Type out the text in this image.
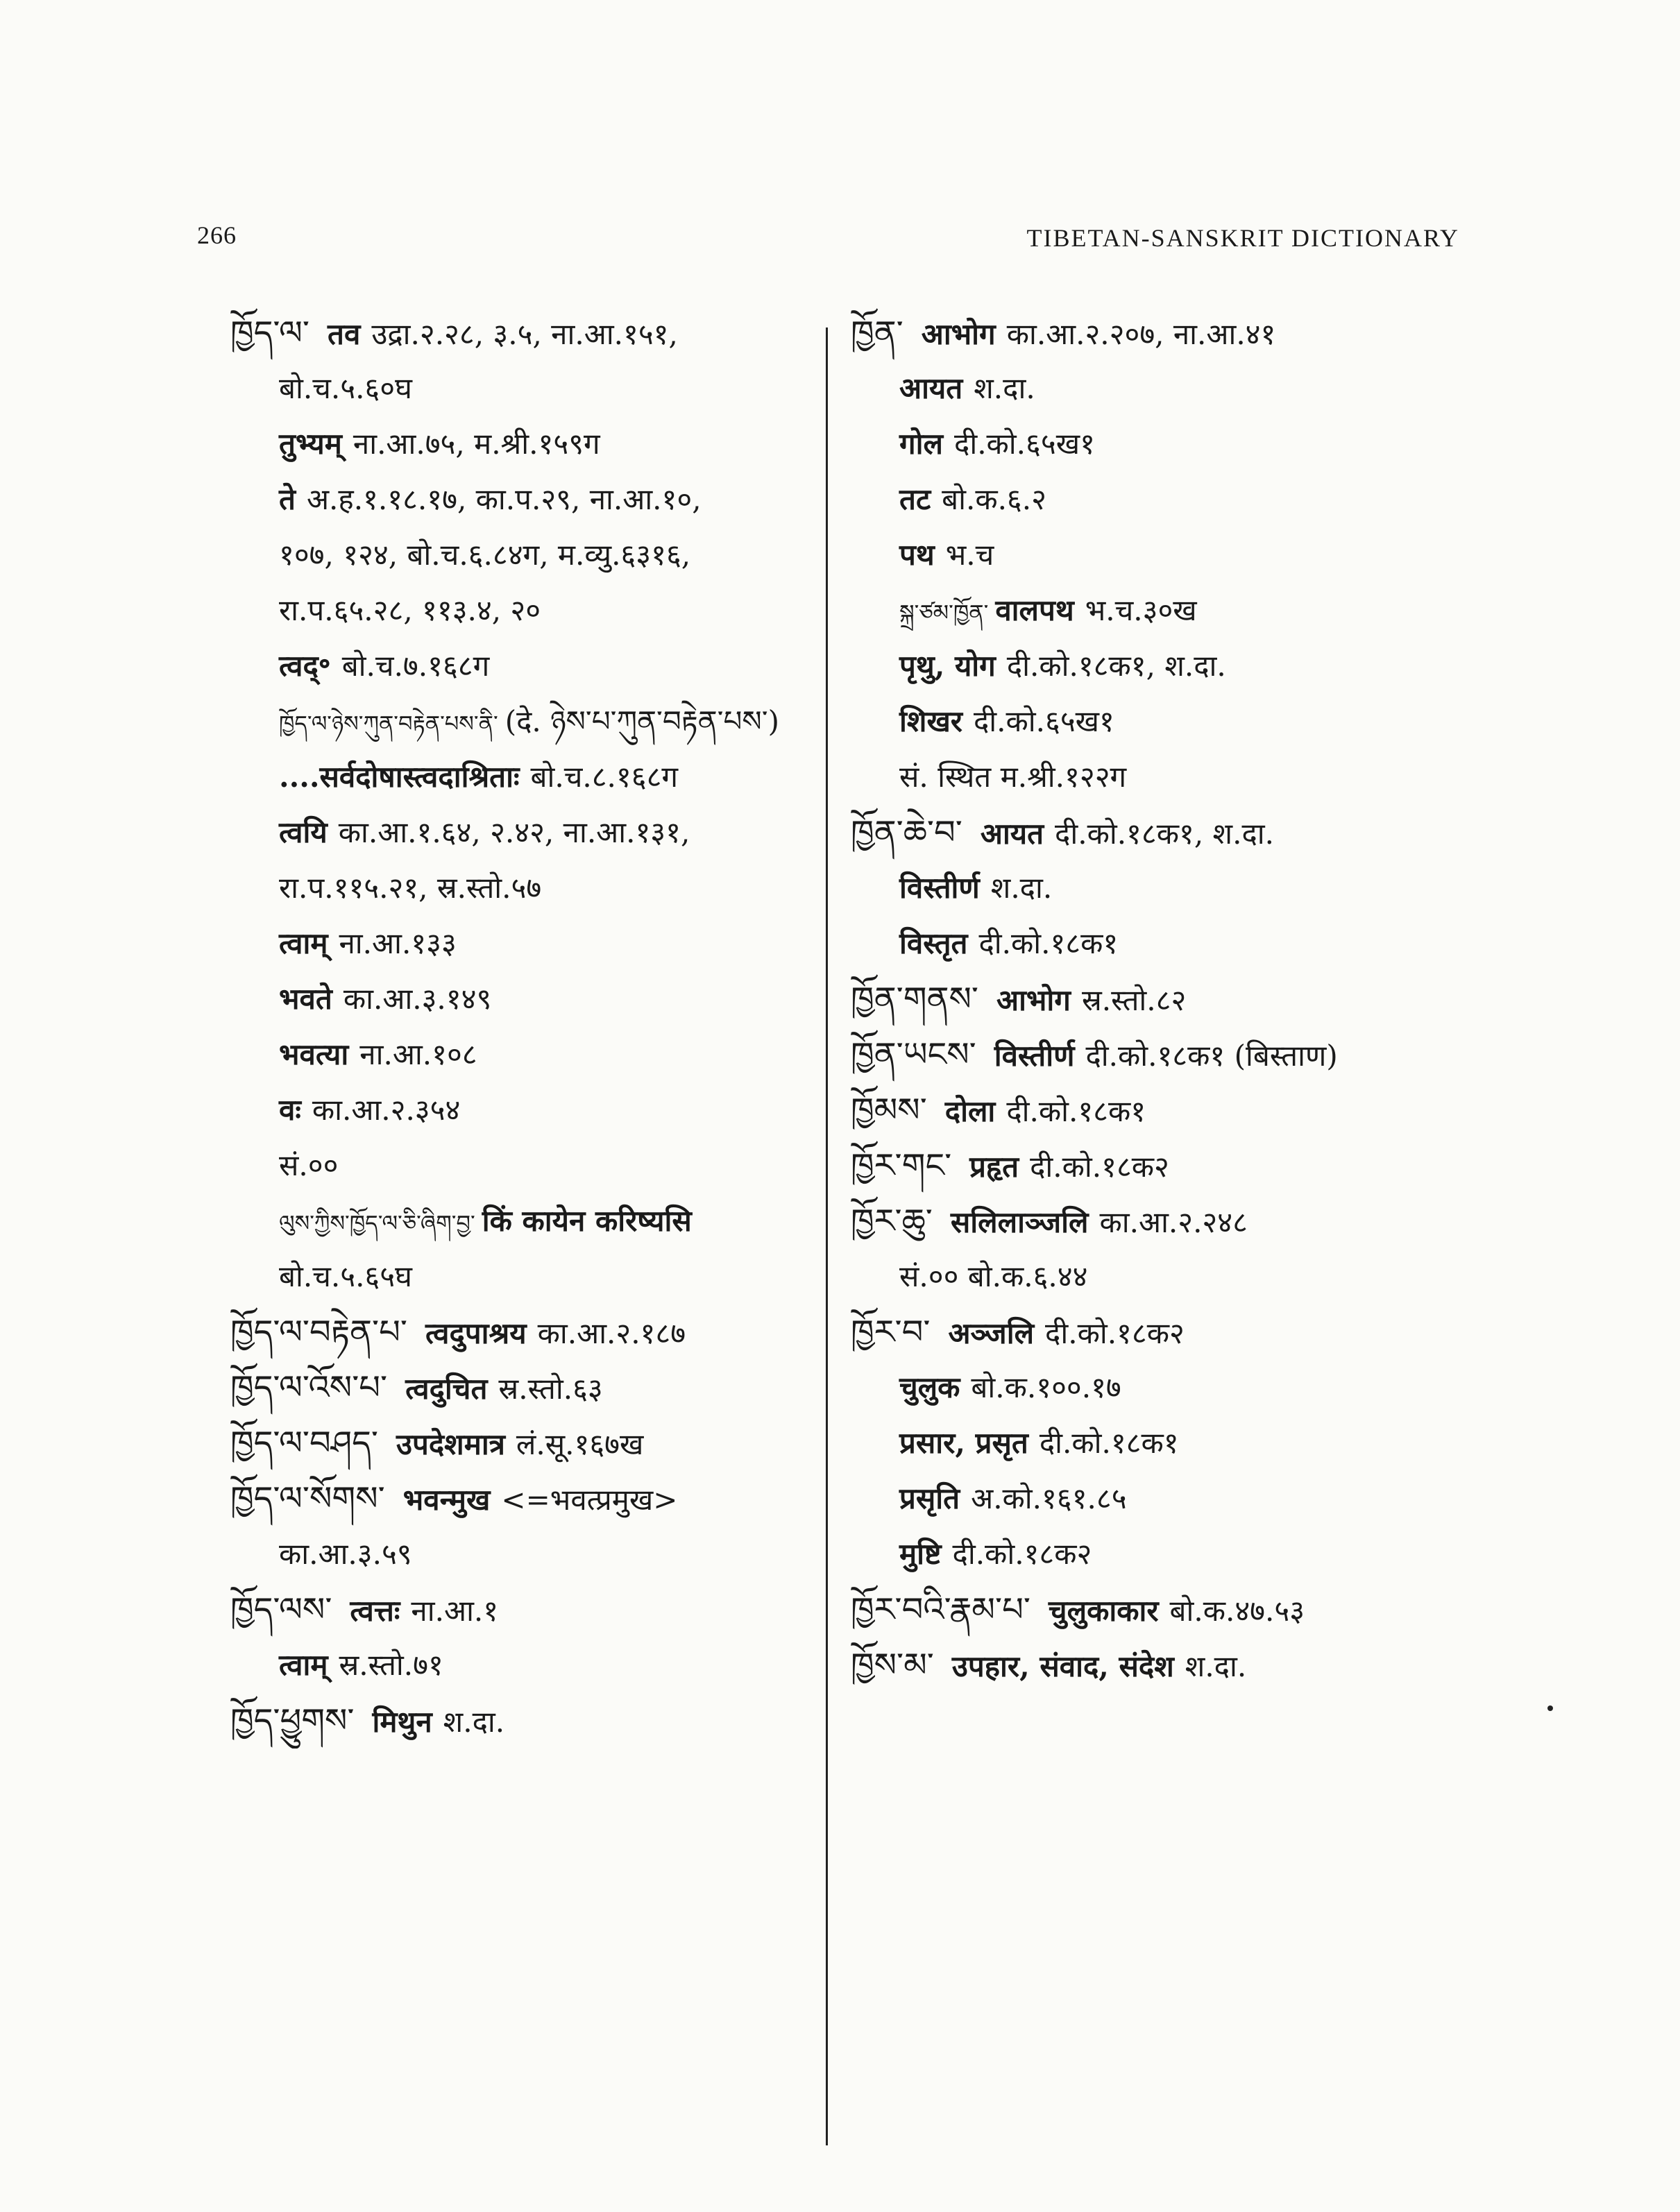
266	TIBETAN-SANSKRIT DICTIONARY
ཁྱོད་ལ་ तव उद्रा.२.२८, ३.५, ना.आ.१५१,
बो.च.५.६०घ
तुभ्यम् ना.आ.७५, म.श्री.१५९ग
ते अ.ह.१.१८.१७, का.प.२९, ना.आ.१०,
१०७, १२४, बो.च.६.८४ग, म.व्यु.६३१६,
रा.प.६५.२८, ११३.४, २०
त्वद्॰ बो.च.७.१६८ग
ཁྱོད་ལ་ཉེས་ཀུན་བརྟེན་པས་ནི་ (दे. ཉེས་པ་ཀུན་བརྟེན་པས་)
....सर्वदोषास्त्वदाश्रिताः बो.च.८.१६८ग
त्वयि का.आ.१.६४, २.४२, ना.आ.१३१,
रा.प.११५.२१, स्र.स्तो.५७
त्वाम् ना.आ.१३३
भवते का.आ.३.१४९
भवत्या ना.आ.१०८
वः का.आ.२.३५४
सं.००
ལུས་ཀྱིས་ཁྱོད་ལ་ཅི་ཞིག་བྱ་ किं कायेन करिष्यसि
बो.च.५.६५घ
ཁྱོད་ལ་བརྟེན་པ་ त्वदुपाश्रय का.आ.२.१८७
ཁྱོད་ལ་འོས་པ་ त्वदुचित स्र.स्तो.६३
ཁྱོད་ལ་བཤད་ उपदेशमात्र लं.सू.१६७ख
ཁྱོད་ལ་སོགས་ भवन्मुख <=भवत्प्रमुख>
का.आ.३.५९
ཁྱོད་ལས་ त्वत्तः ना.आ.१
त्वाम् स्र.स्तो.७१
ཁྱོད་ཕྱུགས་ मिथुन श.दा.
ཁྱོན་ आभोग का.आ.२.२०७, ना.आ.४१
आयत श.दा.
गोल दी.को.६५ख१
तट बो.क.६.२
पथ भ.च
སྐྲ་ཙམ་ཁྱོན་ वालपथ भ.च.३०ख
पृथु, योग दी.को.१८क१, श.दा.
शिखर दी.को.६५ख१
सं. स्थित म.श्री.१२२ग
ཁྱོན་ཆེ་བ་ आयत दी.को.१८क१, श.दा.
विस्तीर्ण श.दा.
विस्तृत दी.को.१८क१
ཁྱོན་གནས་ आभोग स्र.स्तो.८२
ཁྱོན་ཡངས་ विस्तीर्ण दी.को.१८क१ (बिस्ताण)
ཁྱོམས་ दोला दी.को.१८क१
ཁྱོར་གང་ प्रहृत दी.को.१८क२
ཁྱོར་ཆུ་ सलिलाञ्जलि का.आ.२.२४८
सं.०० बो.क.६.४४
ཁྱོར་བ་ अञ्जलि दी.को.१८क२
चुलुक बो.क.१००.१७
प्रसार, प्रसृत दी.को.१८क१
प्रसृति अ.को.१६१.८५
मुष्टि दी.को.१८क२
ཁྱོར་བའི་རྣམ་པ་ चुलुकाकार बो.क.४७.५३
ཁྱོས་མ་ उपहार, संवाद, संदेश श.दा.
